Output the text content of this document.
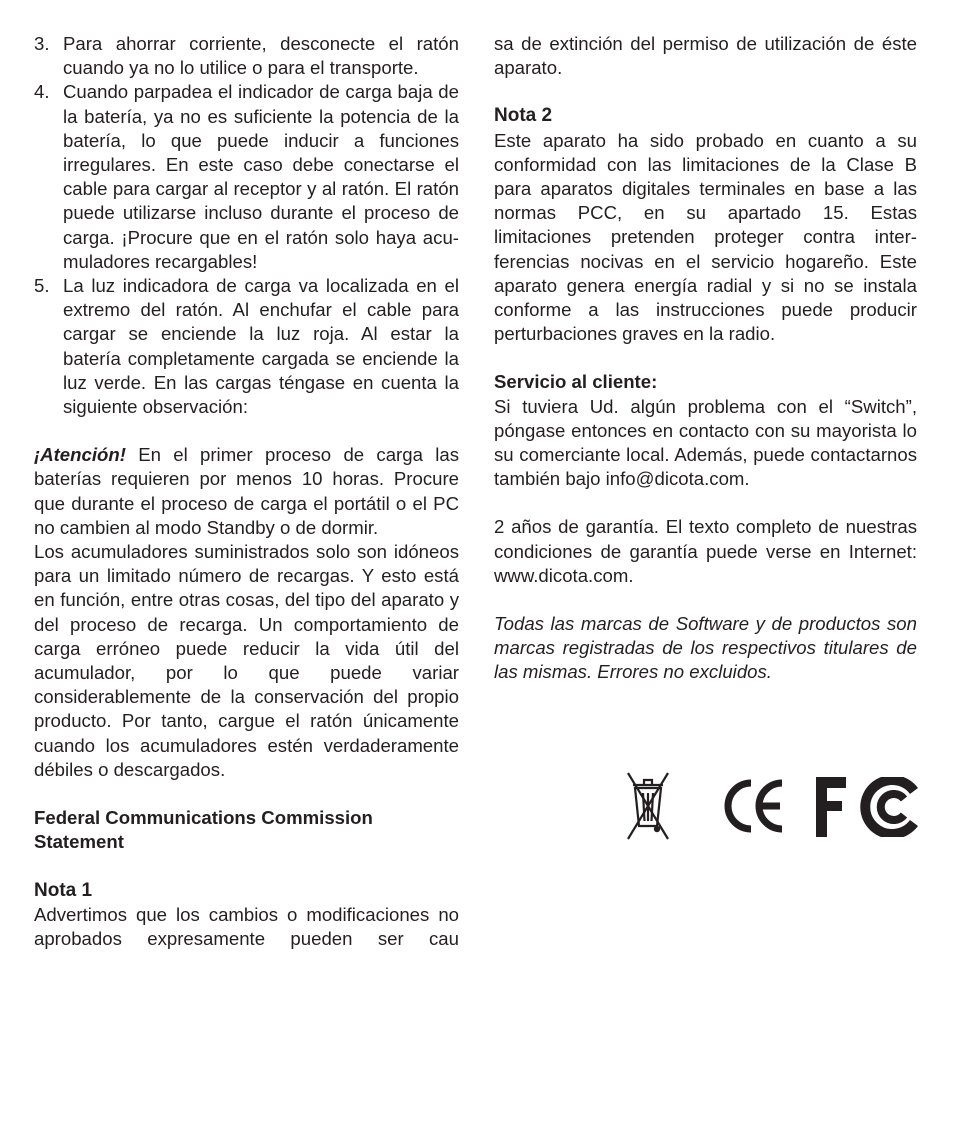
3. Para ahorrar corriente, desconecte el ratón cuando ya no lo utilice o para el transporte.
4. Cuando parpadea el indicador de carga baja de la batería, ya no es suficiente la potencia de la batería, lo que puede inducir a funciones irregulares. En este caso debe conectarse el cable para cargar al receptor y al ratón. El ratón puede utilizarse incluso durante el proceso de carga. ¡Procure que en el ratón solo haya acumuladores recargables!
5. La luz indicadora de carga va localizada en el extremo del ratón. Al enchufar el cable para cargar se enciende la luz roja. Al estar la batería completamente cargada se enciende la luz verde. En las cargas téngase en cuenta la siguiente observación:

¡Atención! En el primer proceso de carga las baterías requieren por menos 10 horas. Procure que durante el proceso de carga el portátil o el PC no cambien al modo Standby o de dormir.

Los acumuladores suministrados solo son idóneos para un limitado número de recargas. Y esto está en función, entre otras cosas, del tipo del aparato y del proceso de recarga. Un comportamiento de carga erróneo puede reducir la vida útil del acumulador, por lo que puede variar considerablemente de la conservación del propio producto. Por tanto, cargue el ratón únicamente cuando los acumuladores estén verdaderamente débiles o descargados.

Federal Communications Commission
Statement

Nota 1

Advertimos que los cambios o modificaciones no aprobados expresamente pueden ser cau

sa de extinción del permiso de utilización de éste aparato.

Nota 2

Este aparato ha sido probado en cuanto a su conformidad con las limitaciones de la Clase B para aparatos digitales terminales en base a las normas PCC, en su apartado 15. Estas limitaciones pretenden proteger contra interferencias nocivas en el servicio hogareño. Este aparato genera energía radial y si no se instala conforme a las instrucciones puede producir perturbaciones graves en la radio.

Servicio al cliente:

Si tuviera Ud. algún problema con el “Switch”, póngase entonces en contacto con su mayorista lo su comerciante local. Además, puede contactarnos también bajo info@dicota.com.

2 años de garantía. El texto completo de nuestras condiciones de garantía puede verse en Internet: www.dicota.com.

Todas las marcas de Software y de productos son marcas registradas de los respectivos titulares de las mismas. Errores no excluidos.
